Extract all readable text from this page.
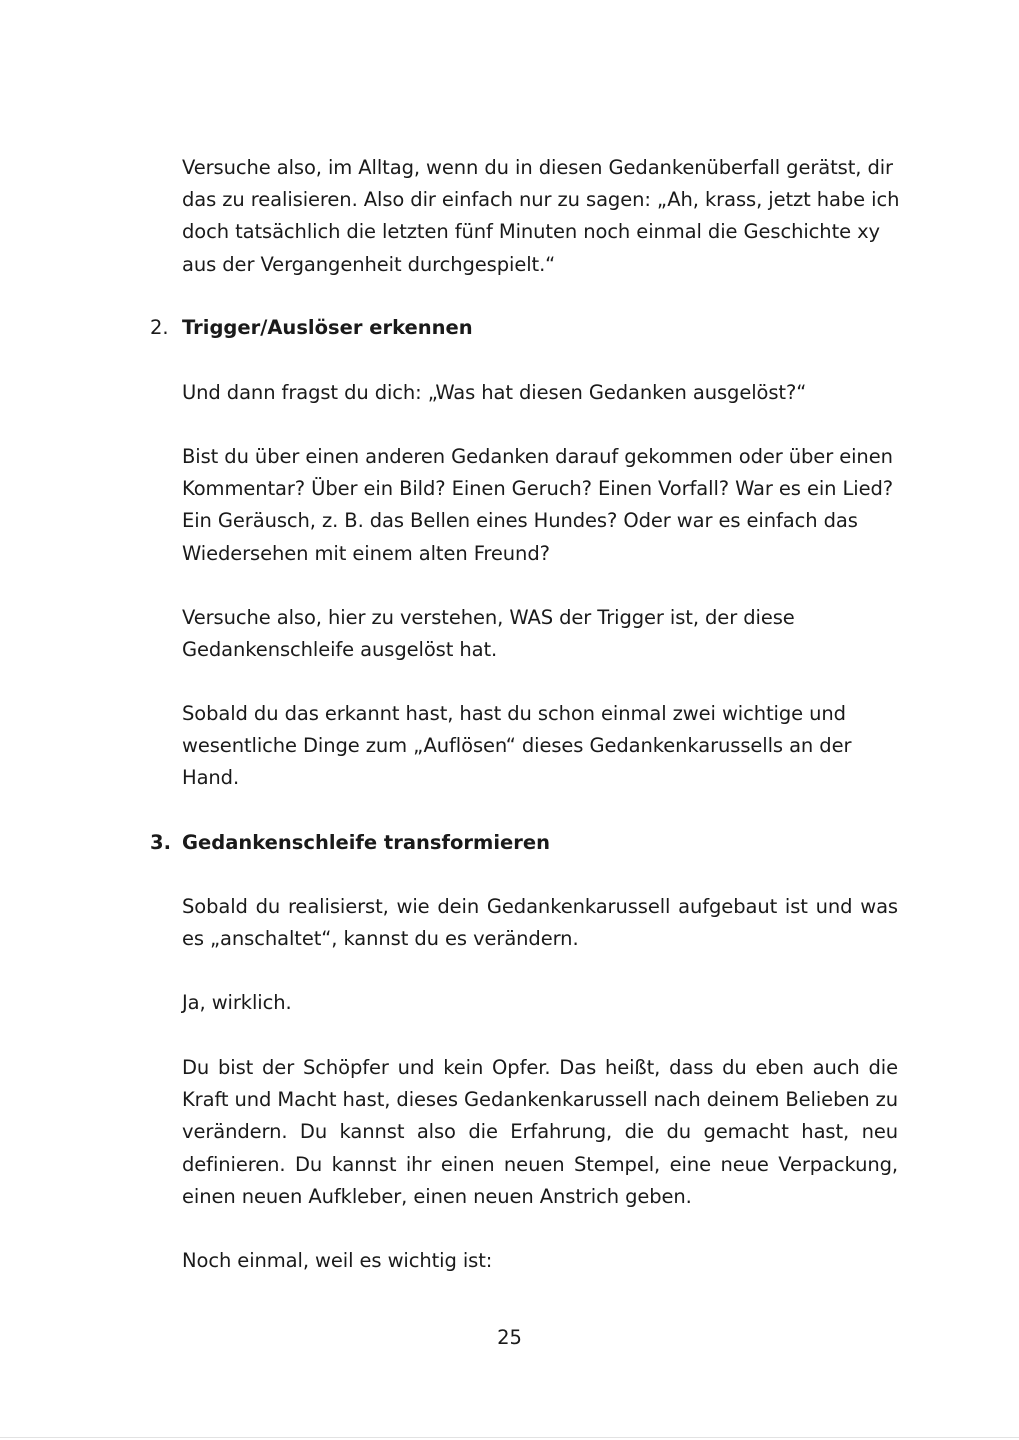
Versuche also, im Alltag, wenn du in diesen Gedankenüberfall gerätst, dir das zu realisieren. Also dir einfach nur zu sagen: „Ah, krass, jetzt habe ich doch tatsächlich die letzten fünf Minuten noch einmal die Geschichte xy aus der Vergangenheit durchgespielt.“

2. Trigger/Auslöser erkennen

Und dann fragst du dich: „Was hat diesen Gedanken ausgelöst?“

Bist du über einen anderen Gedanken darauf gekommen oder über einen Kommentar? Über ein Bild? Einen Geruch? Einen Vorfall? War es ein Lied? Ein Geräusch, z. B. das Bellen eines Hundes? Oder war es einfach das Wiedersehen mit einem alten Freund?

Versuche also, hier zu verstehen, WAS der Trigger ist, der diese Gedankenschleife ausgelöst hat.

Sobald du das erkannt hast, hast du schon einmal zwei wichtige und wesentliche Dinge zum „Auflösen“ dieses Gedankenkarussells an der Hand.

3. Gedankenschleife transformieren

Sobald du realisierst, wie dein Gedankenkarussell aufgebaut ist und was es „anschaltet“, kannst du es verändern.

Ja, wirklich.

Du bist der Schöpfer und kein Opfer. Das heißt, dass du eben auch die Kraft und Macht hast, dieses Gedankenkarussell nach deinem Belieben zu verändern. Du kannst also die Erfahrung, die du gemacht hast, neu definieren. Du kannst ihr einen neuen Stempel, eine neue Verpackung, einen neuen Aufkleber, einen neuen Anstrich geben.

Noch einmal, weil es wichtig ist:

25
